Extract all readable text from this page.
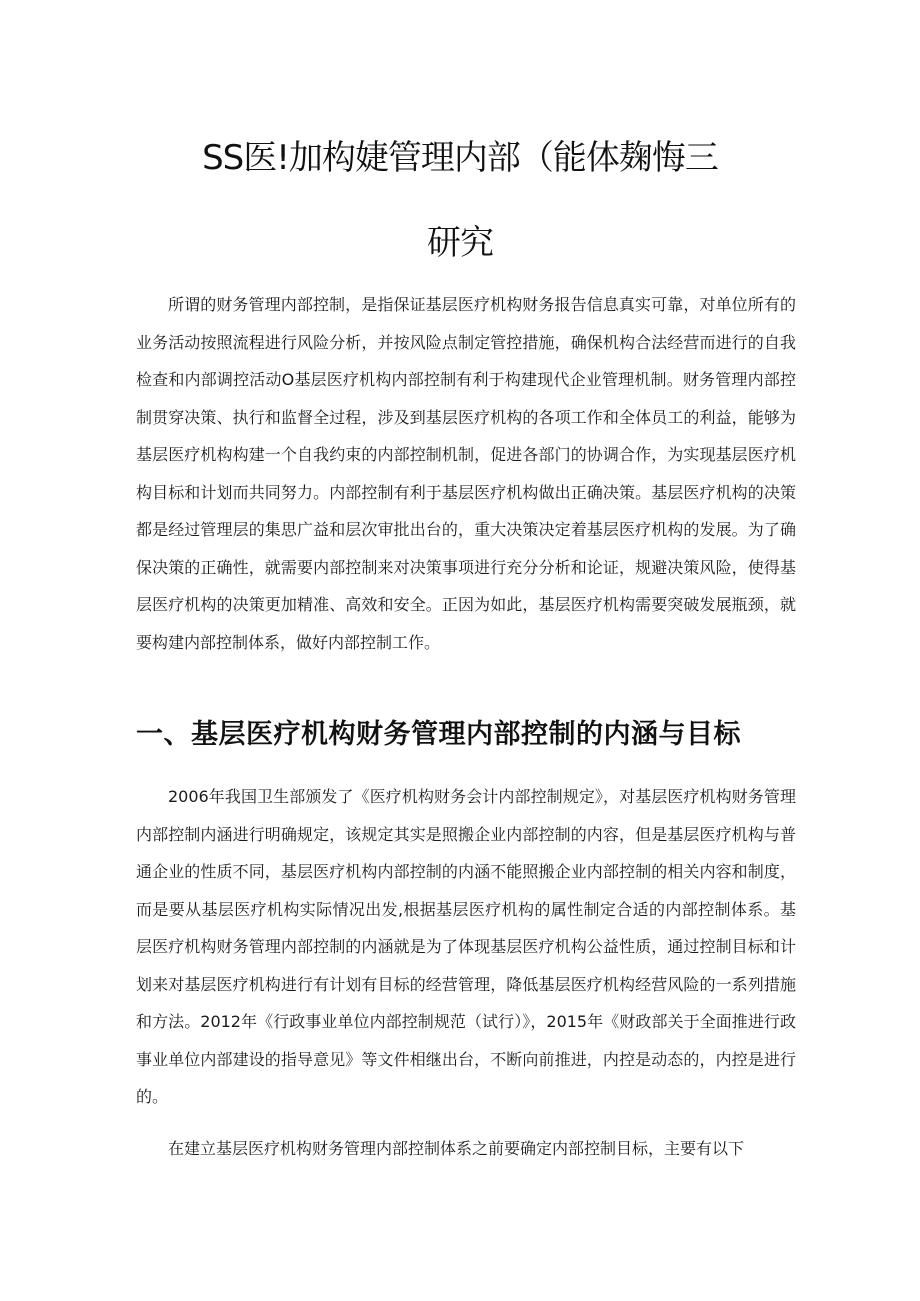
SS医!加构婕管理内部（能体麹悔三
研究

所谓的财务管理内部控制，是指保证基层医疗机构财务报告信息真实可靠，对单位所有的业务活动按照流程进行风险分析，并按风险点制定管控措施，确保机构合法经营而进行的自我检查和内部调控活动O基层医疗机构内部控制有利于构建现代企业管理机制。财务管理内部控制贯穿决策、执行和监督全过程，涉及到基层医疗机构的各项工作和全体员工的利益，能够为基层医疗机构构建一个自我约束的内部控制机制，促进各部门的协调合作，为实现基层医疗机构目标和计划而共同努力。内部控制有利于基层医疗机构做出正确决策。基层医疗机构的决策都是经过管理层的集思广益和层次审批出台的，重大决策决定着基层医疗机构的发展。为了确保决策的正确性，就需要内部控制来对决策事项进行充分分析和论证，规避决策风险，使得基层医疗机构的决策更加精准、高效和安全。正因为如此，基层医疗机构需要突破发展瓶颈，就要构建内部控制体系，做好内部控制工作。

一、基层医疗机构财务管理内部控制的内涵与目标

2006年我国卫生部颁发了《医疗机构财务会计内部控制规定》，对基层医疗机构财务管理内部控制内涵进行明确规定，该规定其实是照搬企业内部控制的内容，但是基层医疗机构与普通企业的性质不同，基层医疗机构内部控制的内涵不能照搬企业内部控制的相关内容和制度，而是要从基层医疗机构实际情况出发,根据基层医疗机构的属性制定合适的内部控制体系。基层医疗机构财务管理内部控制的内涵就是为了体现基层医疗机构公益性质，通过控制目标和计划来对基层医疗机构进行有计划有目标的经营管理，降低基层医疗机构经营风险的一系列措施和方法。2012年《行政事业单位内部控制规范（试行）》，2015年《财政部关于全面推进行政事业单位内部建设的指导意见》等文件相继出台，不断向前推进，内控是动态的，内控是进行的。

在建立基层医疗机构财务管理内部控制体系之前要确定内部控制目标，主要有以下
